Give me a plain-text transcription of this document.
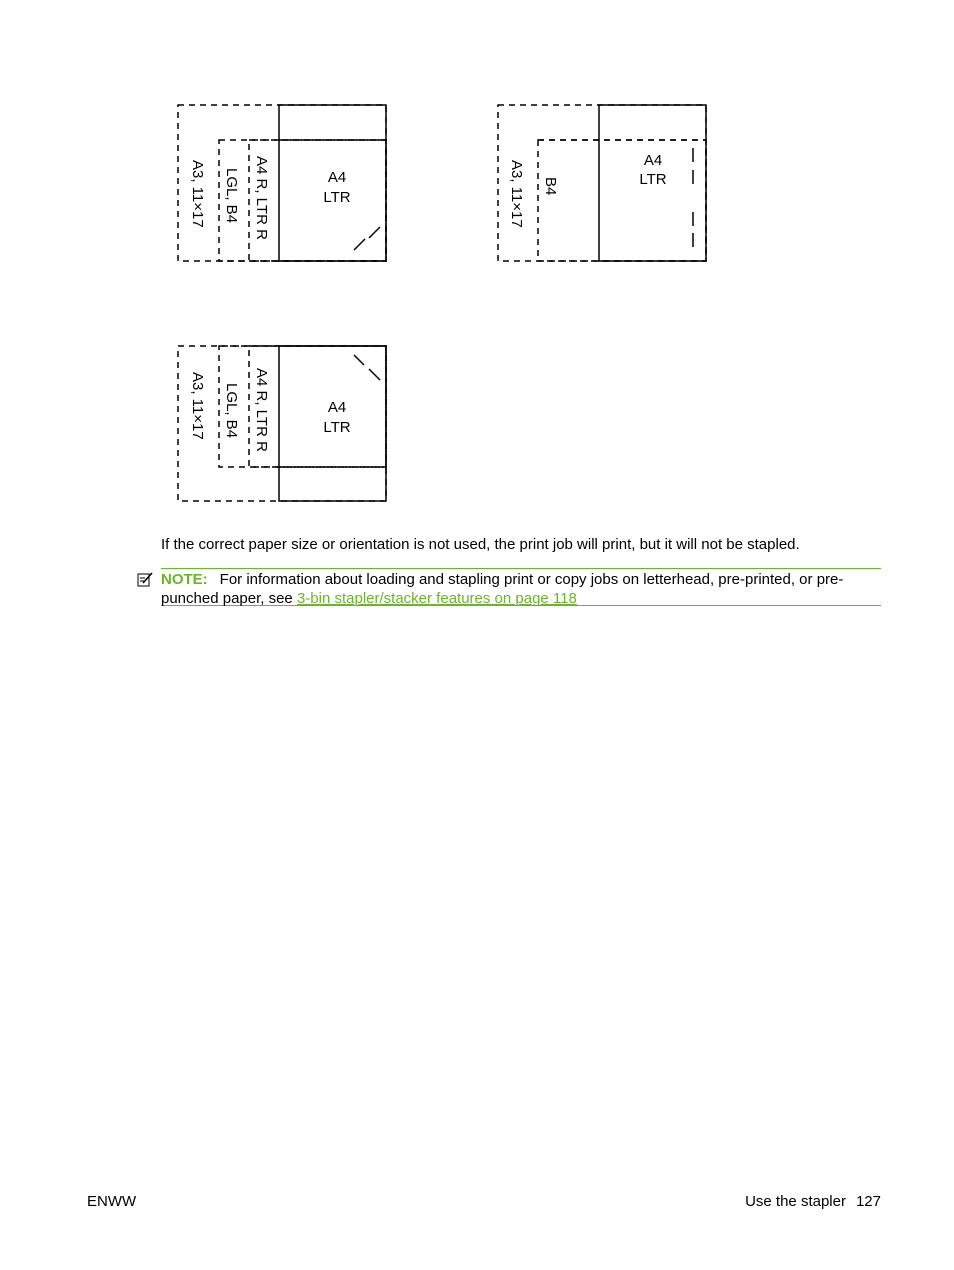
A3, 11×17 LGL, B4 A4 R, LTR R	A4
LTR	A3, 11×17 B4
A4
LTR
A3, 11×17 LGL, B4 A4 R, LTR R	A4
LTR

If the correct paper size or orientation is not used, the print job will print, but it will not be stapled.

NOTE: For information about loading and stapling print or copy jobs on letterhead, pre-printed, or pre-punched paper, see 3-bin stapler/stacker features on page 118
ENWW	Use the stapler 127
